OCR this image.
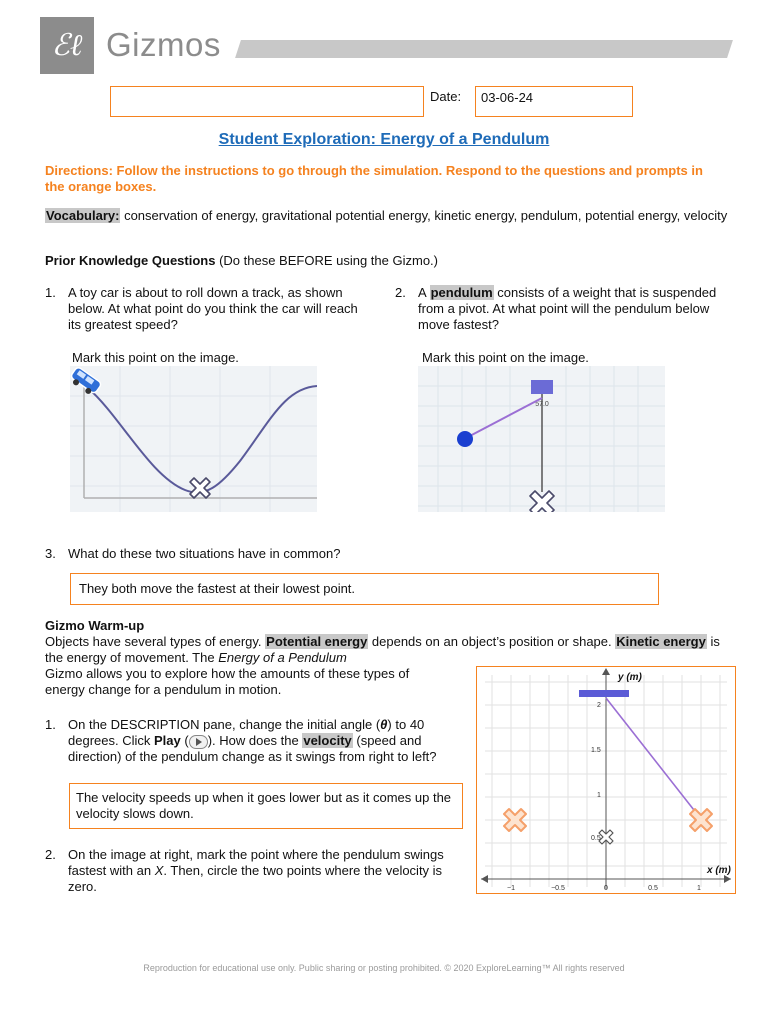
ℰℓ Gizmos
Date:	03-06-24
Student Exploration: Energy of a Pendulum
Directions: Follow the instructions to go through the simulation. Respond to the questions and prompts in the orange boxes.
Vocabulary: conservation of energy, gravitational potential energy, kinetic energy, pendulum, potential energy, velocity
Prior Knowledge Questions (Do these BEFORE using the Gizmo.)
1. A toy car is about to roll down a track, as shown below. At what point do you think the car will reach its greatest speed?
Mark this point on the image.
2. A pendulum consists of a weight that is suspended from a pivot. At what point will the pendulum below move fastest?
Mark this point on the image.
57.0
3. What do these two situations have in common?
They both move the fastest at their lowest point.
Gizmo Warm-up
Objects have several types of energy. Potential energy depends on an object’s position or shape. Kinetic energy is the energy of movement. The Energy of a Pendulum
Gizmo allows you to explore how the amounts of these types of energy change for a pendulum in motion.
1. On the DESCRIPTION pane, change the initial angle (θ) to 40 degrees. Click Play ( ). How does the velocity (speed and direction) of the pendulum change as it swings from right to left?
The velocity speeds up when it goes lower but as it comes up the velocity slows down.
2. On the image at right, mark the point where the pendulum swings fastest with an X. Then, circle the two points where the velocity is zero.
y (m)
x (m)
2
1.5
1
0.5
−1	−0.5	0	0.5	1
Reproduction for educational use only. Public sharing or posting prohibited. © 2020 ExploreLearning™ All rights reserved
